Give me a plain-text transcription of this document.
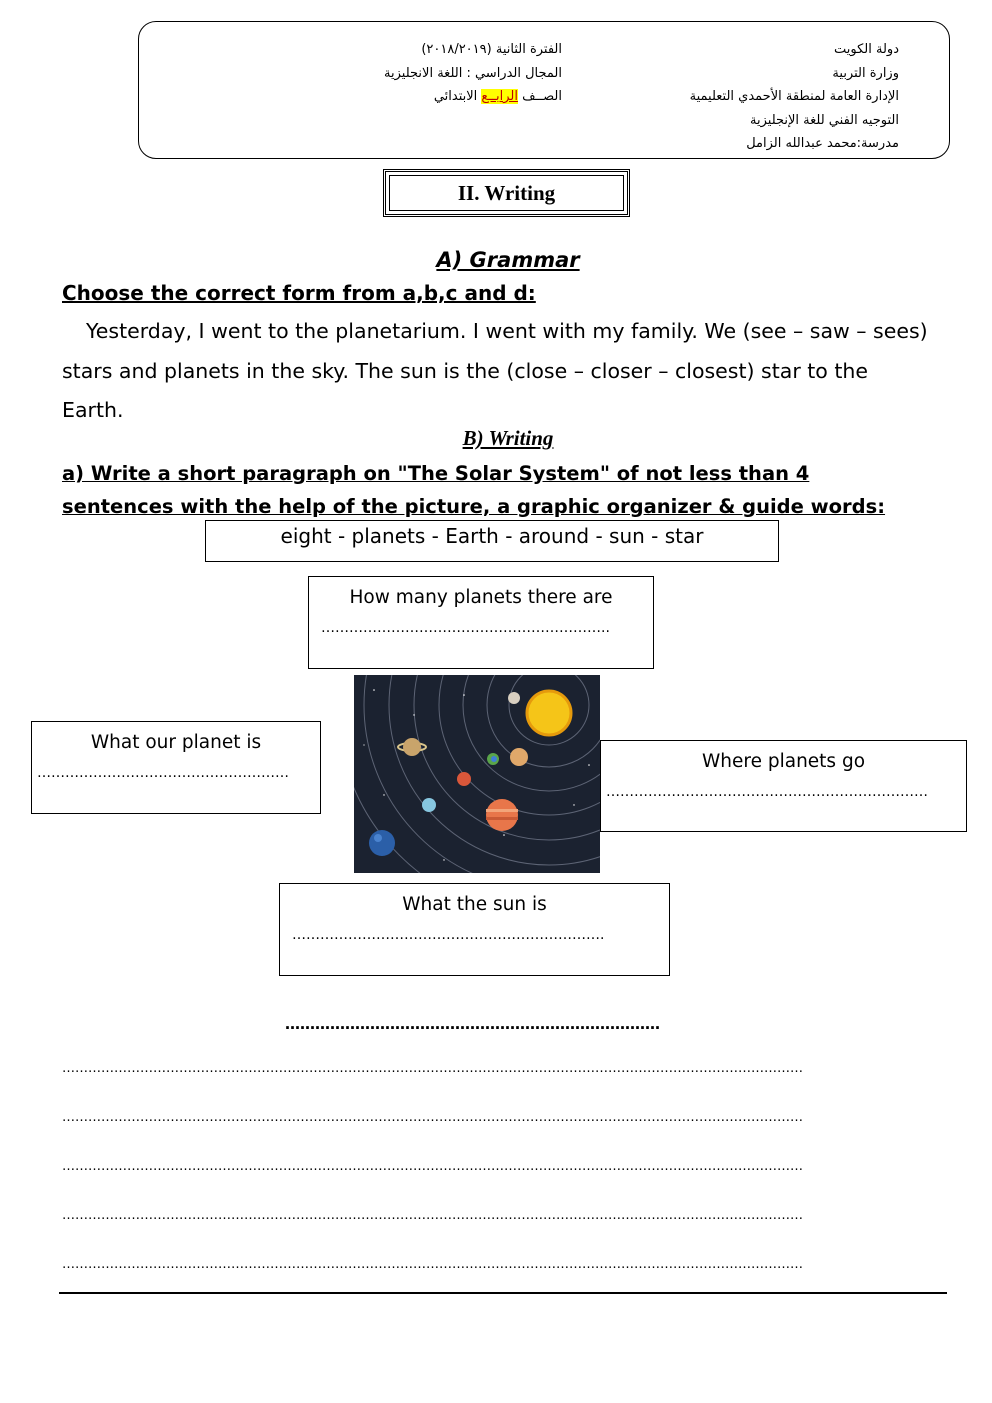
دولة الكويت
وزارة التربية
الإدارة العامة لمنطقة الأحمدي التعليمية
التوجيه الفني للغة الإنجليزية
مدرسة:محمد عبدالله الزامل
الفترة الثانية (٢٠١٨/٢٠١٩)
المجال الدراسي : اللغة الانجليزية
الصــف الرابــع الابتدائي
II. Writing
A) Grammar
Choose the correct form from a,b,c and d:
Yesterday, I went to the planetarium. I went with my family. We (see – saw – sees) stars and planets in the sky. The sun is the (close – closer – closest) star to the Earth.
B) Writing
a) Write a short paragraph on "The Solar System" of not less than 4
sentences with the help of the picture, a graphic organizer & guide words:
eight - planets - Earth - around - sun - star
How many planets there are
……………………………………………………..
What our planet is
………………………………………………
Where planets go
……………………………………………………………
What the sun is
………………………………………………………….
…………………………………………………………………
………………………………………………………………………………………………………………………………………………………
………………………………………………………………………………………………………………………………………………………
………………………………………………………………………………………………………………………………………………………
………………………………………………………………………………………………………………………………………………………
………………………………………………………………………………………………………………………………………………………
